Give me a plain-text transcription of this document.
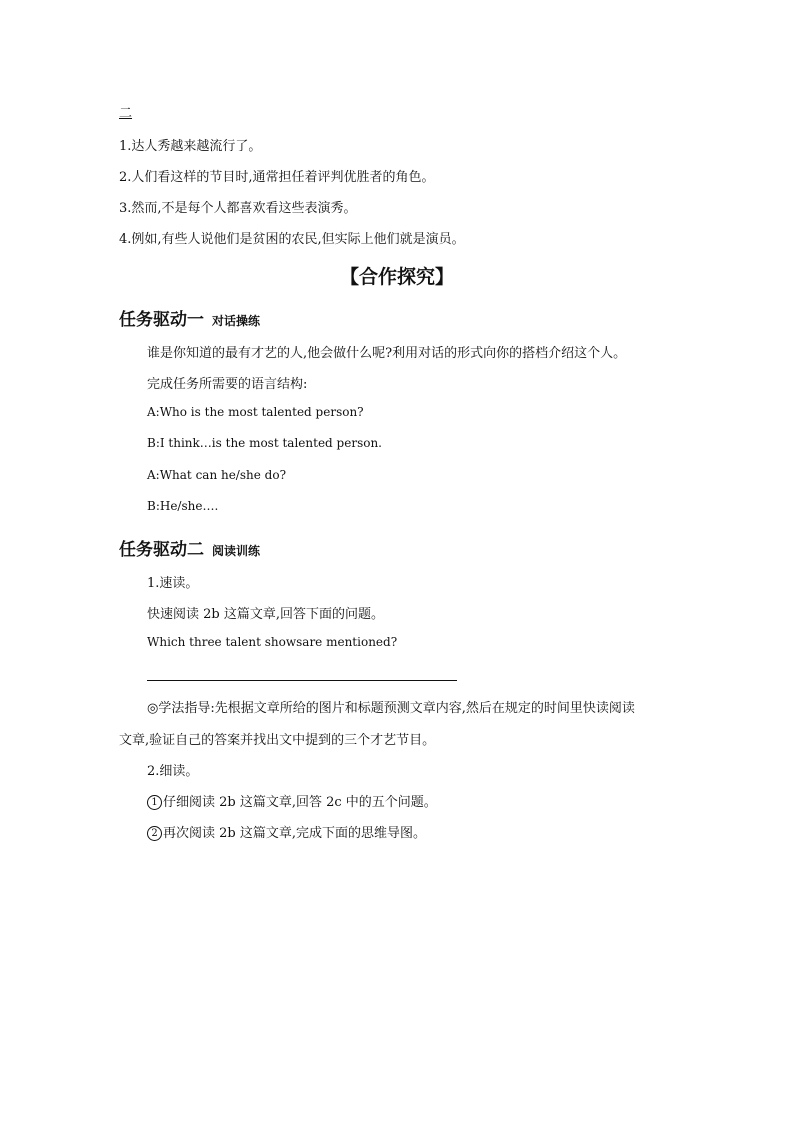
二
1.达人秀越来越流行了。
2.人们看这样的节目时,通常担任着评判优胜者的角色。
3.然而,不是每个人都喜欢看这些表演秀。
4.例如,有些人说他们是贫困的农民,但实际上他们就是演员。
【合作探究】
任务驱动一 对话操练
谁是你知道的最有才艺的人,他会做什么呢?利用对话的形式向你的搭档介绍这个人。
完成任务所需要的语言结构:
A:Who is the most talented person?
B:I think…is the most talented person.
A:What can he/she do?
B:He/she….
任务驱动二 阅读训练
1.速读。
快速阅读 2b 这篇文章,回答下面的问题。
Which three talent showsare mentioned?
◎学法指导:先根据文章所给的图片和标题预测文章内容,然后在规定的时间里快读阅读
文章,验证自己的答案并找出文中提到的三个才艺节目。
2.细读。
1 仔细阅读 2b 这篇文章,回答 2c 中的五个问题。
2 再次阅读 2b 这篇文章,完成下面的思维导图。
